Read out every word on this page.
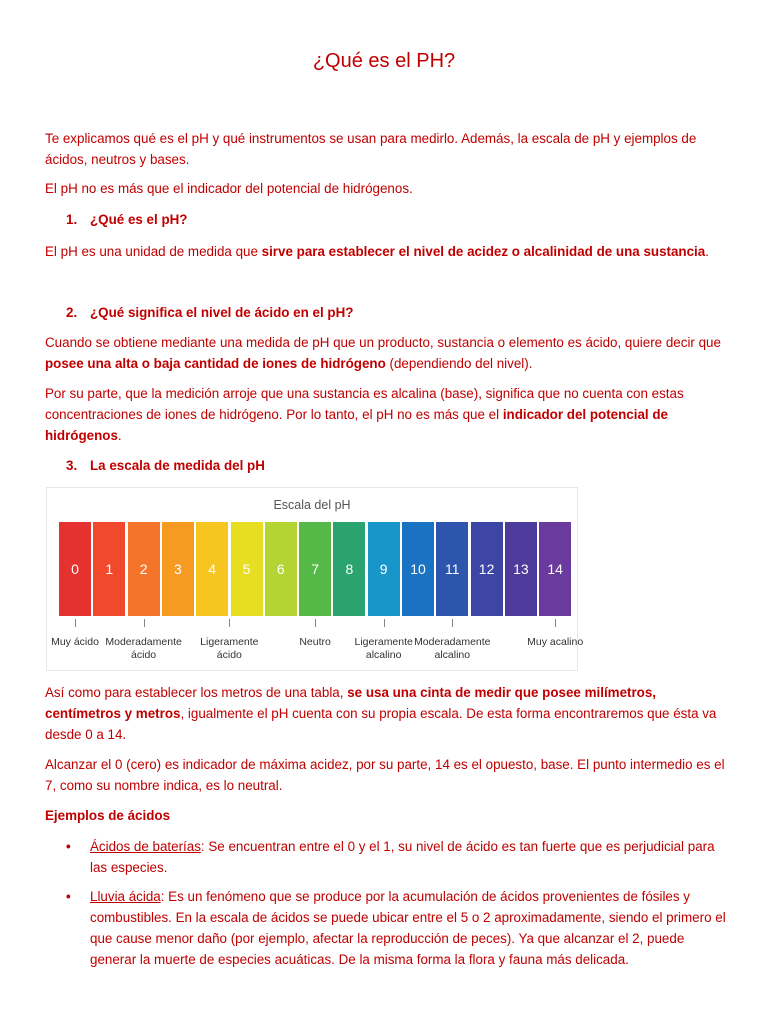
¿Qué es el PH?

Te explicamos qué es el pH y qué instrumentos se usan para medirlo. Además, la escala de pH y ejemplos de ácidos, neutros y bases.

El pH no es más que el indicador del potencial de hidrógenos.

1. ¿Qué es el pH?

El pH es una unidad de medida que sirve para establecer el nivel de acidez o alcalinidad de una sustancia.

2. ¿Qué significa el nivel de ácido en el pH?

Cuando se obtiene mediante una medida de pH que un producto, sustancia o elemento es ácido, quiere decir que posee una alta o baja cantidad de iones de hidrógeno (dependiendo del nivel).

Por su parte, que la medición arroje que una sustancia es alcalina (base), significa que no cuenta con estas concentraciones de iones de hidrógeno. Por lo tanto, el pH no es más que el indicador del potencial de hidrógenos.

3. La escala de medida del pH

Escala del pH
0	1	2	3	4	5	6	7	8	9	10	11	12	13	14
Muy ácido Moderadamente
ácido
Ligeramente
ácido
Neutro Ligeramente
alcalino
Moderadamente
alcalino
Muy acalino

Así como para establecer los metros de una tabla, se usa una cinta de medir que posee milímetros, centímetros y metros, igualmente el pH cuenta con su propia escala. De esta forma encontraremos que ésta va desde 0 a 14.

Alcanzar el 0 (cero) es indicador de máxima acidez, por su parte, 14 es el opuesto, base. El punto intermedio es el 7, como su nombre indica, es lo neutral.

Ejemplos de ácidos

•	Ácidos de baterías: Se encuentran entre el 0 y el 1, su nivel de ácido es tan fuerte que es perjudicial para las especies.
•	Lluvia ácida: Es un fenómeno que se produce por la acumulación de ácidos provenientes de fósiles y combustibles. En la escala de ácidos se puede ubicar entre el 5 o 2 aproximadamente, siendo el primero el que cause menor daño (por ejemplo, afectar la reproducción de peces). Ya que alcanzar el 2, puede generar la muerte de especies acuáticas. De la misma forma la flora y fauna más delicada.
